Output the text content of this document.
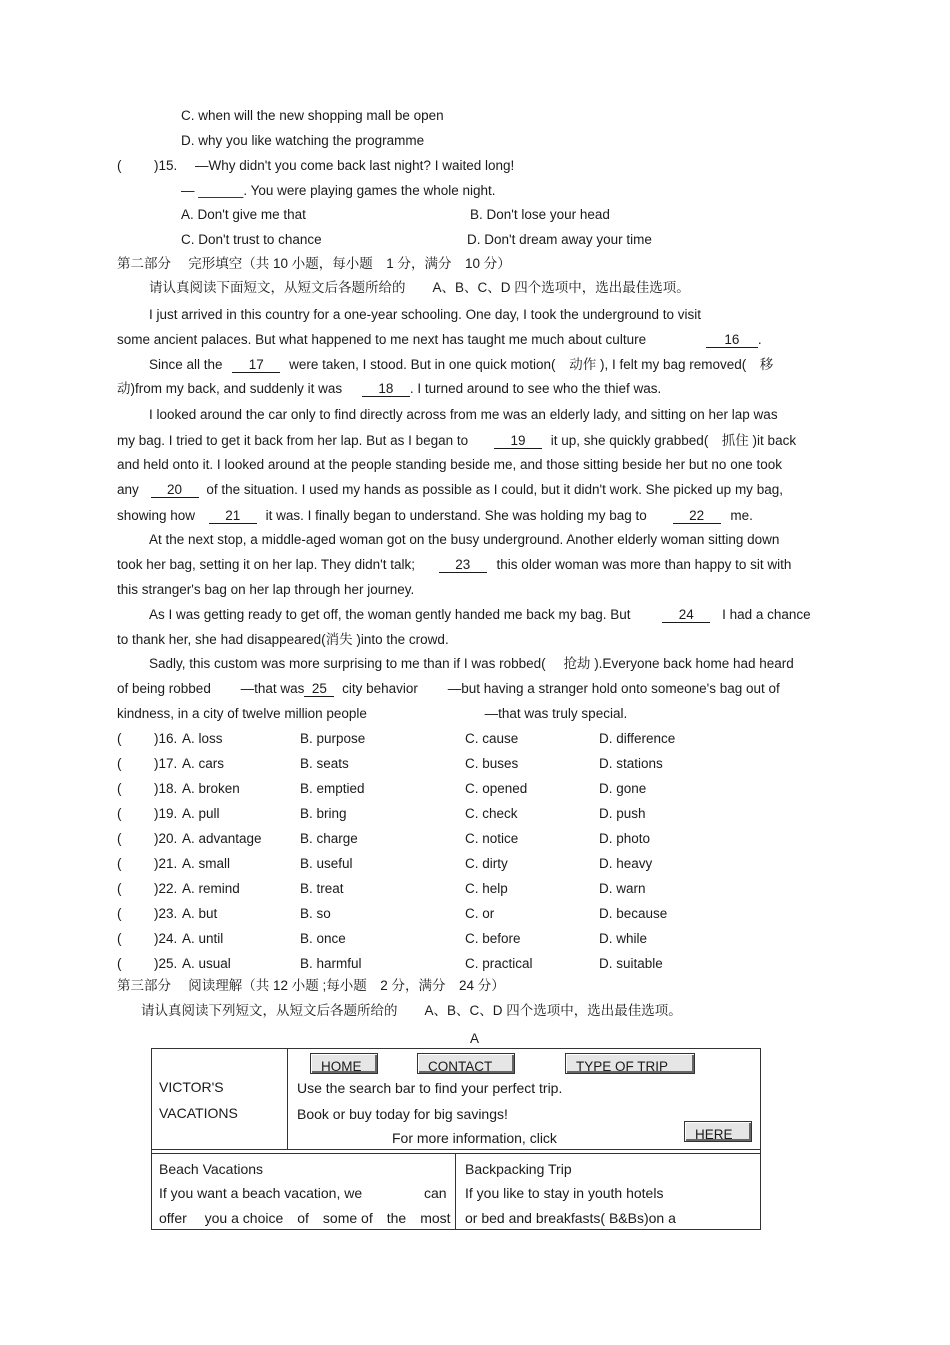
C. when will the new shopping mall be open
D. why you like watching the programme
( )15. —Why didn't you come back last night? I waited long!
— ______. You were playing games the whole night.
A. Don't give me that	B. Don't lose your head
C. Don't trust to chance	D. Don't dream away your time
第二部分　 完形填空（共 10 小题，每小题　1 分，满分　10 分）
请认真阅读下面短文，从短文后各题所给的　　A、B、C、D 四个选项中，选出最佳选项。
I just arrived in this country for a one-year schooling. One day, I took the underground to visit
some ancient palaces. But what happened to me next has taught me much about culture	16 .
Since all the 17 were taken, I stood. But in one quick motion( 动作 ), I felt my bag removed(　移
动)from my back, and suddenly it was	18 . I turned around to see who the thief was.
I looked around the car only to find directly across from me was an elderly lady, and sitting on her lap was
my bag. I tried to get it back from her lap. But as I began to	19 it up, she quickly grabbed(　抓住 )it back
and held onto it. I looked around at the people standing beside me, and those sitting beside her but no one took
any 20 of the situation. I used my hands as possible as I could, but it didn't work. She picked up my bag,
showing how 21 it was. I finally began to understand. She was holding my bag to	22 me.
At the next stop, a middle-aged woman got on the busy underground. Another elderly woman sitting down
took her bag, setting it on her lap. They didn't talk;	23 this older woman was more than happy to sit with
this stranger's bag on her lap through her journey.
As I was getting ready to get off, the woman gently handed me back my bag. But	24 I had a chance
to thank her, she had disappeared(消失 )into the crowd.
Sadly, this custom was more surprising to me than if I was robbed( 抢劫 ).Everyone back home had heard
of being robbed —that was 25 city behavior —but having a stranger hold onto someone's bag out of
kindness, in a city of twelve million people	—that was truly special.
( )16. A. loss	B. purpose	C. cause	D. difference
( )17. A. cars	B. seats	C. buses	D. stations
( )18. A. broken	B. emptied	C. opened	D. gone
( )19. A. pull	B. bring	C. check	D. push
( )20. A. advantage	B. charge	C. notice	D. photo
( )21. A. small	B. useful	C. dirty	D. heavy
( )22. A. remind	B. treat	C. help	D. warn
( )23. A. but	B. so	C. or	D. because
( )24. A. until	B. once	C. before	D. while
( )25. A. usual	B. harmful	C. practical	D. suitable
第三部分　 阅读理解（共 12 小题 ;每小题　2 分，满分　24 分）
请认真阅读下列短文，从短文后各题所给的　　A、B、C、D 四个选项中，选出最佳选项。
A
VICTOR'S
VACATIONS
HOME	CONTACT	TYPE OF TRIP
Use the search bar to find your perfect trip.
Book or buy today for big savings!
For more information, click	HERE
Beach Vacations
If you want a beach vacation, we	can
offer　 you a choice　of　some of　the　most
Backpacking Trip
If you like to stay in youth hotels
or bed and breakfasts( B&Bs)on a
